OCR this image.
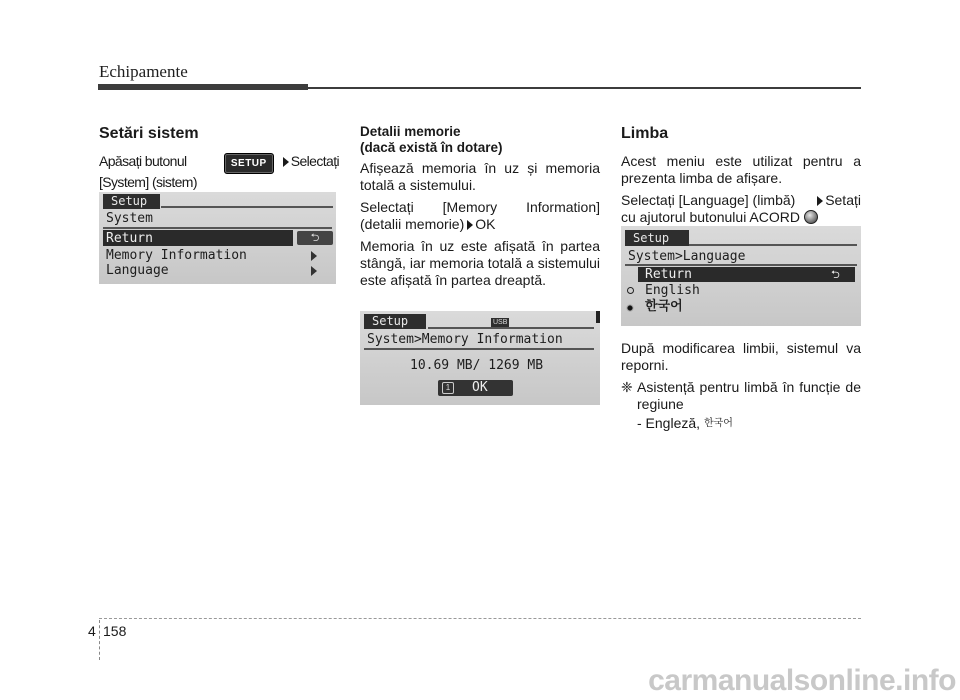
Echipamente
Setări sistem
Apăsați butonul	SETUP Selectați
[System] (sistem)
Setup
System
Return	⮌
Memory Information
Language
Detalii memorie
(dacă există în dotare)

Afișează memoria în uz și memoria totală a sistemului.

Selectați [Memory Information]
(detalii memorie) OK

Memoria în uz este afișată în partea stângă, iar memoria totală a sistemului este afișată în partea dreaptă.

Setup	USB
System>Memory Information
10.69 MB/ 1269 MB
1 OK
Limba

Acest meniu este utilizat pentru a prezenta limba de afișare.

Selectați [Language] (limbă)	Setați
cu ajutorul butonului ACORD
Setup
System>Language
Return	⮌
English
한국어

După modificarea limbii, sistemul va reporni.

❈ Asistență pentru limbă în funcție de regiune
- Engleză, 한국어
4 158
carmanualsonline.info
